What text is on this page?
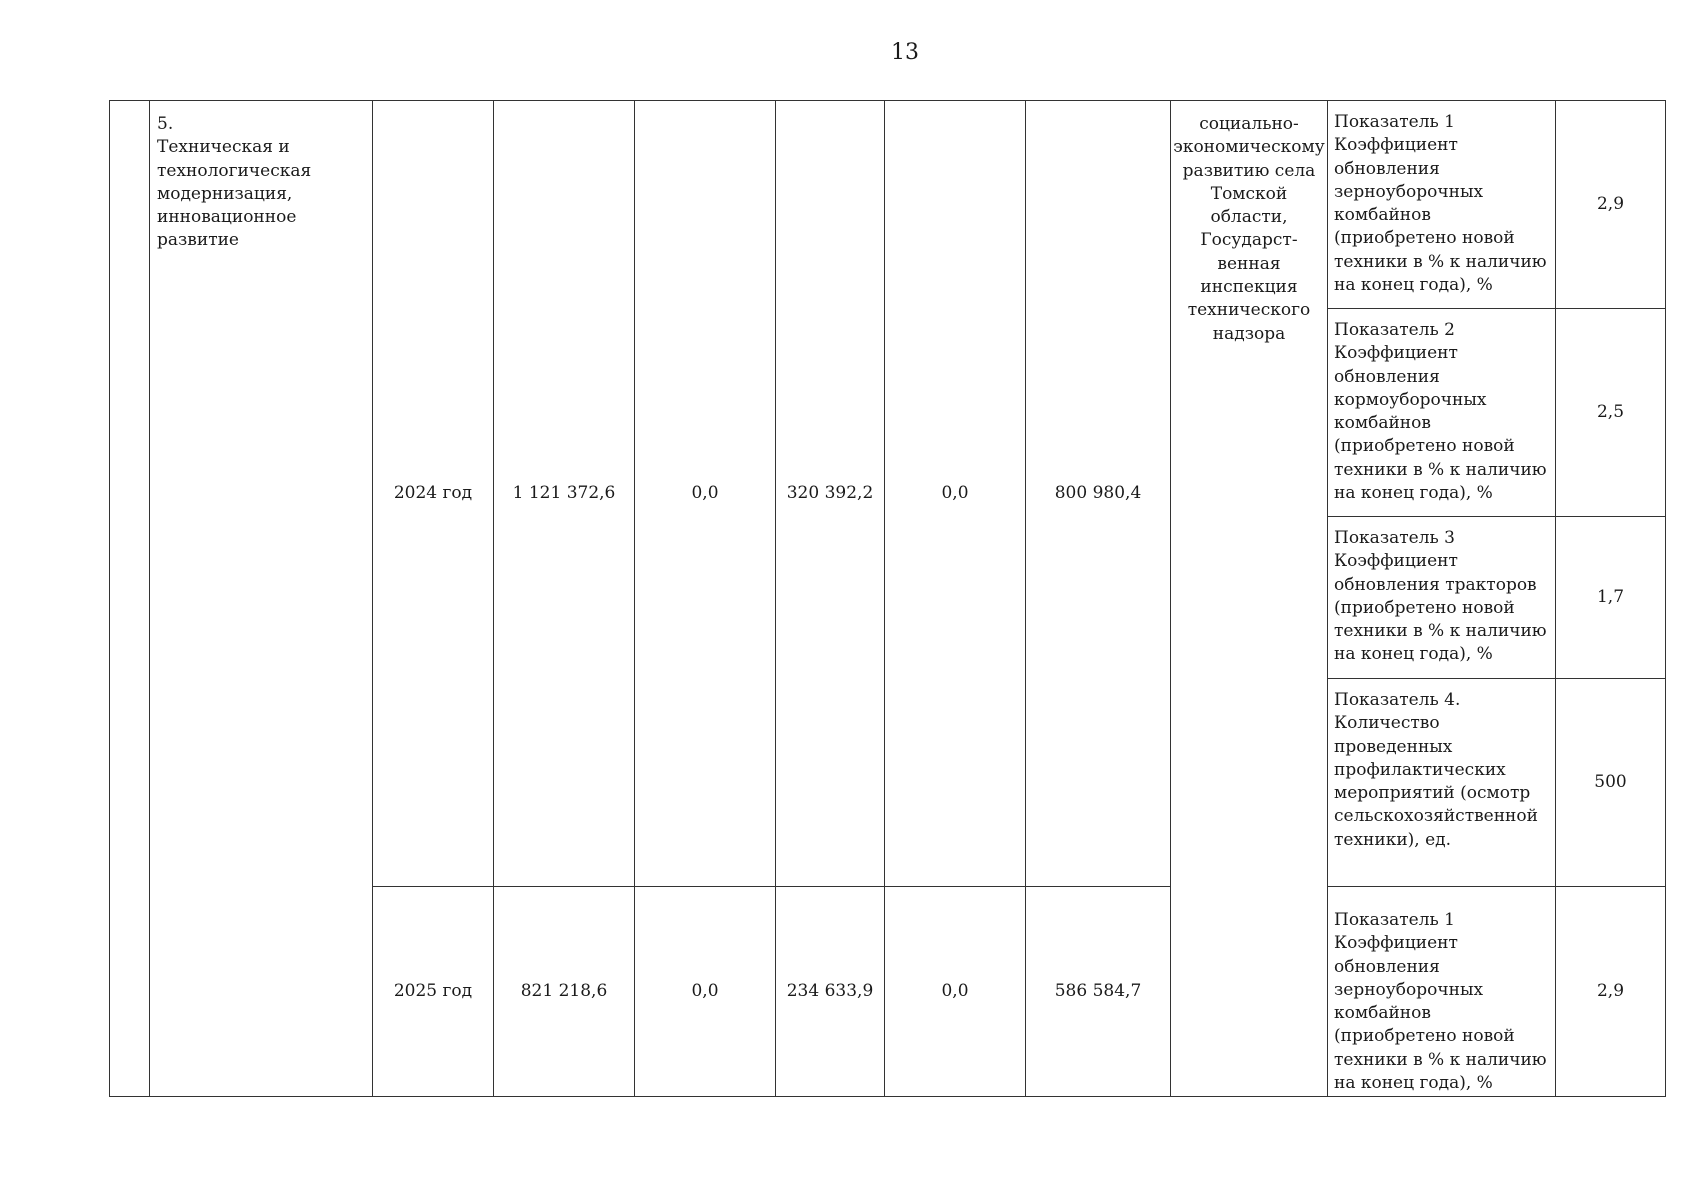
13
	5.
Техническая и технологическая модернизация, инновационное развитие	2024 год	1 121 372,6	0,0	320 392,2	0,0	800 980,4	социально-
экономическому развитию села Томской области, Государст-
венная инспекция технического надзора	Показатель 1
Коэффициент обновления зерноуборочных комбайнов (приобретено новой техники в % к наличию на конец года), %	2,9
									Показатель 2
Коэффициент обновления кормоуборочных комбайнов (приобретено новой техники в % к наличию на конец года), %	2,5
									Показатель 3
Коэффициент обновления тракторов (приобретено новой техники в % к наличию на конец года), %	1,7
									Показатель 4.
Количество проведенных профилактических мероприятий (осмотр сельскохозяйственной техники), ед.	500
		2025 год	821 218,6	0,0	234 633,9	0,0	586 584,7		Показатель 1
Коэффициент обновления зерноуборочных комбайнов (приобретено новой техники в % к наличию на конец года), %	2,9
